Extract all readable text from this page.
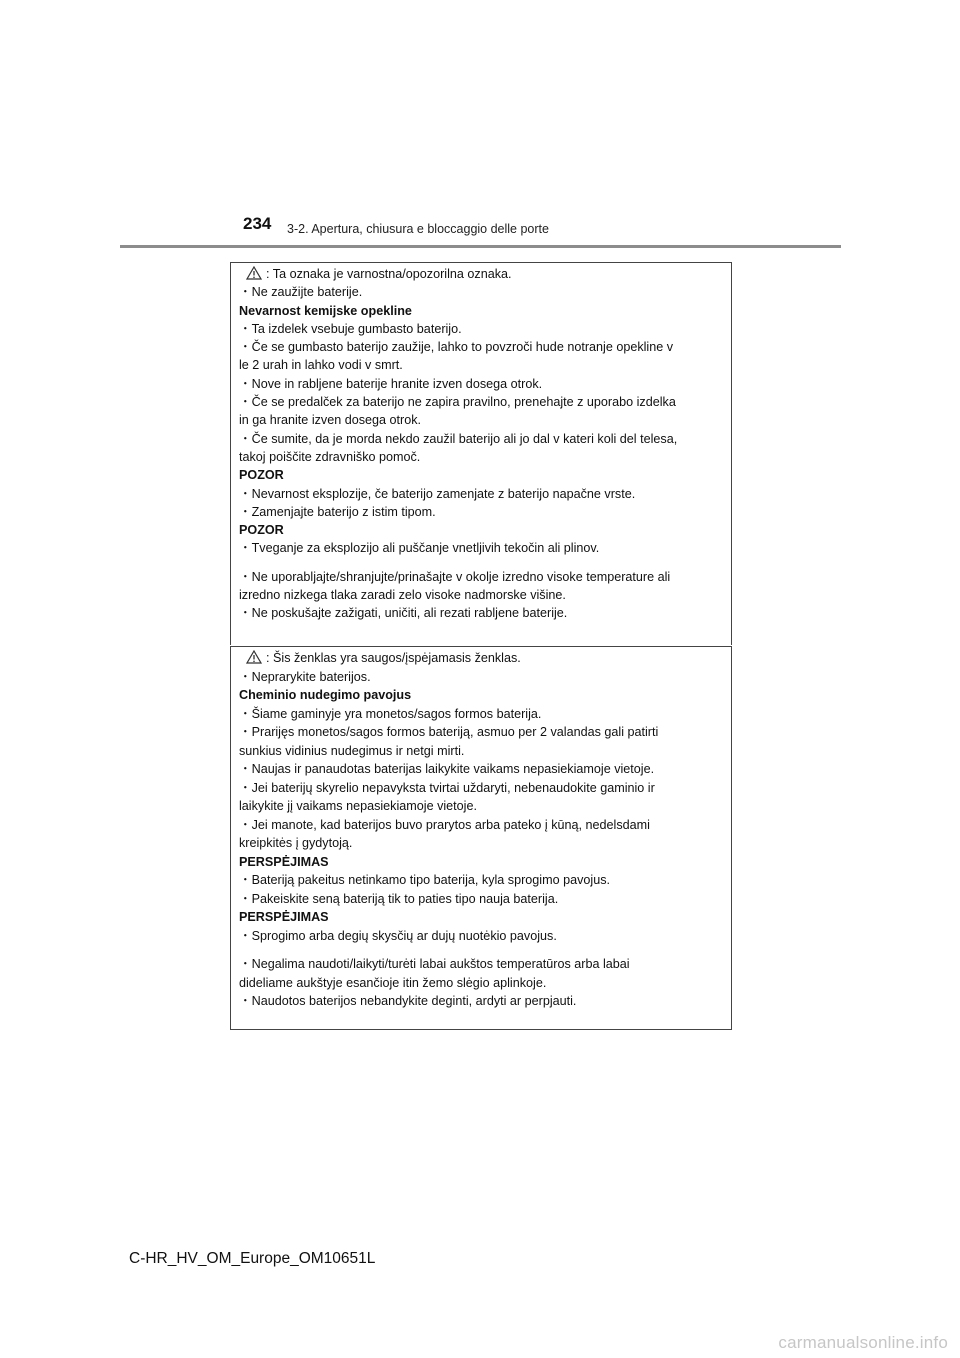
234 3-2. Apertura, chiusura e bloccaggio delle porte
: Ta oznaka je varnostna/opozorilna oznaka.
・Ne zaužijte baterije.
Nevarnost kemijske opekline
・Ta izdelek vsebuje gumbasto baterijo.
・Če se gumbasto baterijo zaužije, lahko to povzroči hude notranje opekline v
le 2 urah in lahko vodi v smrt.
・Nove in rabljene baterije hranite izven dosega otrok.
・Če se predalček za baterijo ne zapira pravilno, prenehajte z uporabo izdelka
in ga hranite izven dosega otrok.
・Če sumite, da je morda nekdo zaužil baterijo ali jo dal v kateri koli del telesa,
takoj poiščite zdravniško pomoč.
POZOR
・Nevarnost eksplozije, če baterijo zamenjate z baterijo napačne vrste.
・Zamenjajte baterijo z istim tipom.
POZOR
・Tveganje za eksplozijo ali puščanje vnetljivih tekočin ali plinov.
・Ne uporabljajte/shranjujte/prinašajte v okolje izredno visoke temperature ali
izredno nizkega tlaka zaradi zelo visoke nadmorske višine.
・Ne poskušajte zažigati, uničiti, ali rezati rabljene baterije.
: Šis ženklas yra saugos/įspėjamasis ženklas.
・Neprarykite baterijos.
Cheminio nudegimo pavojus
・Šiame gaminyje yra monetos/sagos formos baterija.
・Prarijęs monetos/sagos formos bateriją, asmuo per 2 valandas gali patirti
sunkius vidinius nudegimus ir netgi mirti.
・Naujas ir panaudotas baterijas laikykite vaikams nepasiekiamoje vietoje.
・Jei baterijų skyrelio nepavyksta tvirtai uždaryti, nebenaudokite gaminio ir
laikykite jį vaikams nepasiekiamoje vietoje.
・Jei manote, kad baterijos buvo prarytos arba pateko į kūną, nedelsdami
kreipkitės į gydytoją.
PERSPĖJIMAS
・Bateriją pakeitus netinkamo tipo baterija, kyla sprogimo pavojus.
・Pakeiskite seną bateriją tik to paties tipo nauja baterija.
PERSPĖJIMAS
・Sprogimo arba degių skysčių ar dujų nuotėkio pavojus.
・Negalima naudoti/laikyti/turėti labai aukštos temperatūros arba labai
dideliame aukštyje esančioje itin žemo slėgio aplinkoje.
・Naudotos baterijos nebandykite deginti, ardyti ar perpjauti.
C-HR_HV_OM_Europe_OM10651L
carmanualsonline.info
